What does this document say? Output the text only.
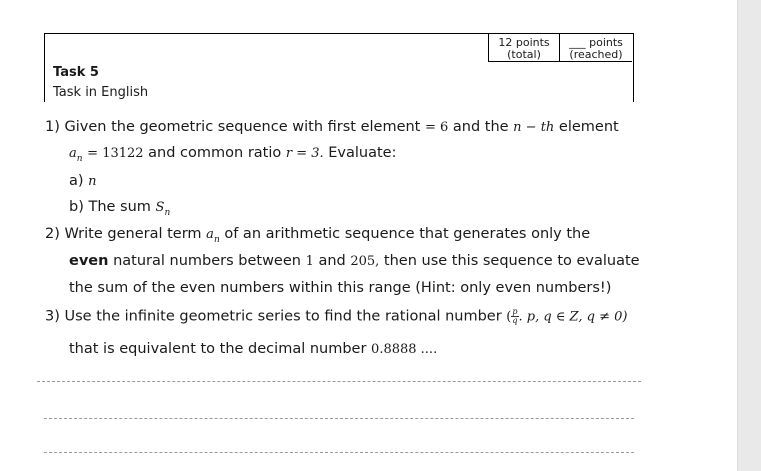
12 points
(total)
___ points
(reached)
Task 5
Task in English
1) Given the geometric sequence with first element = 6 and the n − th element
$a_n = 13122$ and common ratio r = 3. Evaluate:
a) n
b) The sum $S_n$
2) Write general term $a_n$ of an arithmetic sequence that generates only the
even natural numbers between 1 and 205, then use this sequence to evaluate
the sum of the even numbers within this range (Hint: only even numbers!)
3) Use the infinite geometric series to find the rational number ( $\frac{p}{q}$ . p, q ∈ Z, q ≠ 0)
that is equivalent to the decimal number 0.8888 ....
